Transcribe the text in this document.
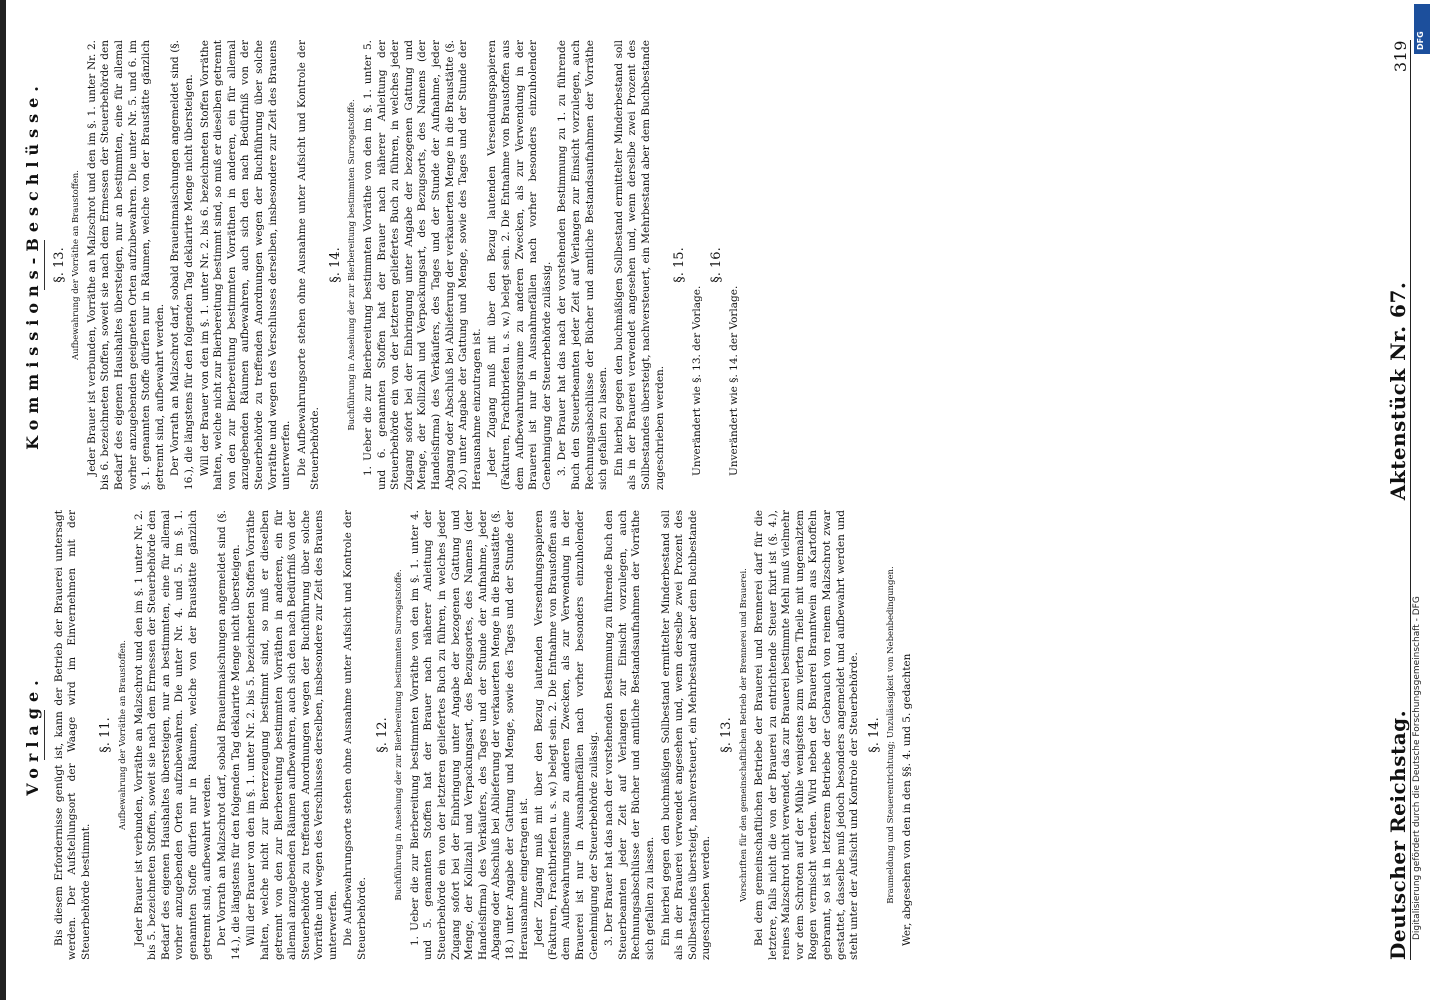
Deutscher Reichstag.
Aktenstück Nr. 67.
319
Vorlage. Bis diesem Erfordernisse genügt ist, kann der Betrieb der Brauerei untersagt werden. Der Aufstellungsort der Waage wird im Einvernehmen mit der Steuerbehörde bestimmt.

§. 11. Aufbewahrung der Vorräthe an Braustoffen. Jeder Brauer ist verbunden, Vorräthe an Malzschrot und den im §. 1 unter Nr. 2. bis 5. bezeichneten Stoffen, soweit sie nach dem Ermessen der Steuerbehörde den Bedarf des eigenen Haushaltes übersteigen, nur an bestimmten, eine für allemal vorher anzugebenden Orten aufzubewahren. Die unter Nr. 4. und 5. im §. 1. genannten Stoffe dürfen nur in Räumen, welche von der Braustätte gänzlich getrennt sind, aufbewahrt werden. Der Vorrath an Malzschrot darf, sobald Braueinmaischungen angemeldet sind (§. 14.), die längstens für den folgenden Tag deklarirte Menge nicht übersteigen. Will der Brauer von den im §. 1. unter Nr. 2. bis 5. bezeichneten Stoffen Vorräthe halten, welche nicht zur Biererzeugung bestimmt sind, so muß er dieselben getrennt von den zur Bierbereitung bestimmten Vorräthen in anderen, ein für allemal anzugebenden Räumen aufbewahren, auch sich den nach Bedürfniß von der Steuerbehörde zu treffenden Anordnungen wegen der Buchführung über solche Vorräthe und wegen des Verschlusses derselben, insbesondere zur Zeit des Brauens unterwerfen. Die Aufbewahrungsorte stehen ohne Ausnahme unter Aufsicht und Kontrole der Steuerbehörde.

§. 12. Buchführung in Ansehung der zur Bierbereitung bestimmten Surrogatstoffe. 1. Ueber die zur Bierbereitung bestimmten Vorräthe von den im §. 1. unter 4. und 5. genannten Stoffen hat der Brauer nach näherer Anleitung der Steuerbehörde ein von der letzteren geliefertes Buch zu führen, in welches jeder Zugang sofort bei der Einbringung unter Angabe der bezogenen Gattung und Menge, der Kollizahl und Verpackungsart, des Bezugsortes, des Namens (der Handelsfirma) des Verkäufers, des Tages und der Stunde der Aufnahme, jeder Abgang oder Abschluß bei Ablieferung der verkauerten Menge in die Braustätte (§. 18.) unter Angabe der Gattung und Menge, sowie des Tages und der Stunde der Herausnahme eingetragen ist. Jeder Zugang muß mit über den Bezug lautenden Versendungspapieren (Fakturen, Frachtbriefen u. s. w.) belegt sein. 2. Die Entnahme von Braustoffen aus dem Aufbewahrungsraume zu anderen Zwecken, als zur Verwendung in der Brauerei ist nur in Ausnahmefällen nach vorher besonders einzuholender Genehmigung der Steuerbehörde zulässig. 3. Der Brauer hat das nach der vorstehenden Bestimmung zu führende Buch den Steuerbeamten jeder Zeit auf Verlangen zur Einsicht vorzulegen, auch Rechnungsabschlüsse der Bücher und amtliche Bestandsaufnahmen der Vorräthe sich gefallen zu lassen. Ein hierbei gegen den buchmäßigen Sollbestand ermittelter Minderbestand soll als in der Brauerei verwendet angesehen und, wenn derselbe zwei Prozent des Sollbestandes übersteigt, nachversteuert, ein Mehrbestand aber dem Buchbestande zugeschrieben werden.

§. 13. Vorschriften für den gemeinschaftlichen Betrieb der Brennerei und Brauerei. Bei dem gemeinschaftlichen Betriebe der Brauerei und Brennerei darf für die letztere, falls nicht die von der Brauerei zu entrichtende Steuer fixirt ist (§. 4.), reines Malzschrot nicht verwendet, das zur Brauerei bestimmte Mehl muß vielmehr vor dem Schroten auf der Mühle wenigstens zum vierten Theile mit ungemalztem Roggen vermischt werden. Wird neben der Brauerei Branntwein aus Kartoffeln gebrannt, so ist in letzterem Betriebe der Gebrauch von reinem Malzschrot zwar gestattet, dasselbe muß jedoch besonders angemeldet und aufbewahrt werden und steht unter der Aufsicht und Kontrole der Steuerbehörde. §. 14. Braumeldung und Steuerentrichtung; Unzulässigkeit von Nebenbedingungen. Wer, abgesehen von den in den §§. 4. und 5. gedachten

Kommissions-Beschlüsse. §. 13. Aufbewahrung der Vorräthe an Braustoffen. Jeder Brauer ist verbunden, Vorräthe an Malzschrot und den im §. 1. unter Nr. 2. bis 6. bezeichneten Stoffen, soweit sie nach dem Ermessen der Steuerbehörde den Bedarf des eigenen Haushaltes übersteigen, nur an bestimmten, eine für allemal vorher anzugebenden geeigneten Orten aufzubewahren. Die unter Nr. 5. und 6. im §. 1. genannten Stoffe dürfen nur in Räumen, welche von der Braustätte gänzlich getrennt sind, aufbewahrt werden. Der Vorrath an Malzschrot darf, sobald Braueinmaischungen angemeldet sind (§. 16.), die längstens für den folgenden Tag deklarirte Menge nicht übersteigen. Will der Brauer von den im §. 1. unter Nr. 2. bis 6. bezeichneten Stoffen Vorräthe halten, welche nicht zur Bierbereitung bestimmt sind, so muß er dieselben getrennt von den zur Bierbereitung bestimmten Vorräthen in anderen, ein für allemal anzugebenden Räumen aufbewahren, auch sich den nach Bedürfniß von der Steuerbehörde zu treffenden Anordnungen wegen der Buchführung über solche Vorräthe und wegen des Verschlusses derselben, insbesondere zur Zeit des Brauens unterwerfen. Die Aufbewahrungsorte stehen ohne Ausnahme unter Aufsicht und Kontrole der Steuerbehörde.

§. 14. Buchführung in Ansehung der zur Bierbereitung bestimmten Surrogatstoffe. 1. Ueber die zur Bierbereitung bestimmten Vorräthe von den im §. 1. unter 5. und 6. genannten Stoffen hat der Brauer nach näherer Anleitung der Steuerbehörde ein von der letzteren geliefertes Buch zu führen, in welches jeder Zugang sofort bei der Einbringung unter Angabe der bezogenen Gattung und Menge, der Kollizahl und Verpackungsart, des Bezugsorts, des Namens (der Handelsfirma) des Verkäufers, des Tages und der Stunde der Aufnahme, jeder Abgang oder Abschluß bei Ablieferung der verkauerten Menge in die Braustätte (§. 20.) unter Angabe der Gattung und Menge, sowie des Tages und der Stunde der Herausnahme einzutragen ist. Jeder Zugang muß mit über den Bezug lautenden Versendungspapieren (Fakturen, Frachtbriefen u. s. w.) belegt sein. 2. Die Entnahme von Braustoffen aus dem Aufbewahrungsraume zu anderen Zwecken, als zur Verwendung in der Brauerei ist nur in Ausnahmefällen nach vorher besonders einzuholender Genehmigung der Steuerbehörde zulässig. 3. Der Brauer hat das nach der vorstehenden Bestimmung zu 1. zu führende Buch den Steuerbeamten jeder Zeit auf Verlangen zur Einsicht vorzulegen, auch Rechnungsabschlüsse der Bücher und amtliche Bestandsaufnahmen der Vorräthe sich gefallen zu lassen. Ein hierbei gegen den buchmäßigen Sollbestand ermittelter Minderbestand soll als in der Brauerei verwendet angesehen und, wenn derselbe zwei Prozent des Sollbestandes übersteigt, nachversteuert, ein Mehrbestand aber dem Buchbestande zugeschrieben werden.

§. 15.

Unverändert wie §. 13. der Vorlage.

§. 16.

Unverändert wie §. 14. der Vorlage.

Digitalisierung gefördert durch die Deutsche Forschungsgemeinschaft - DFG
DFG
